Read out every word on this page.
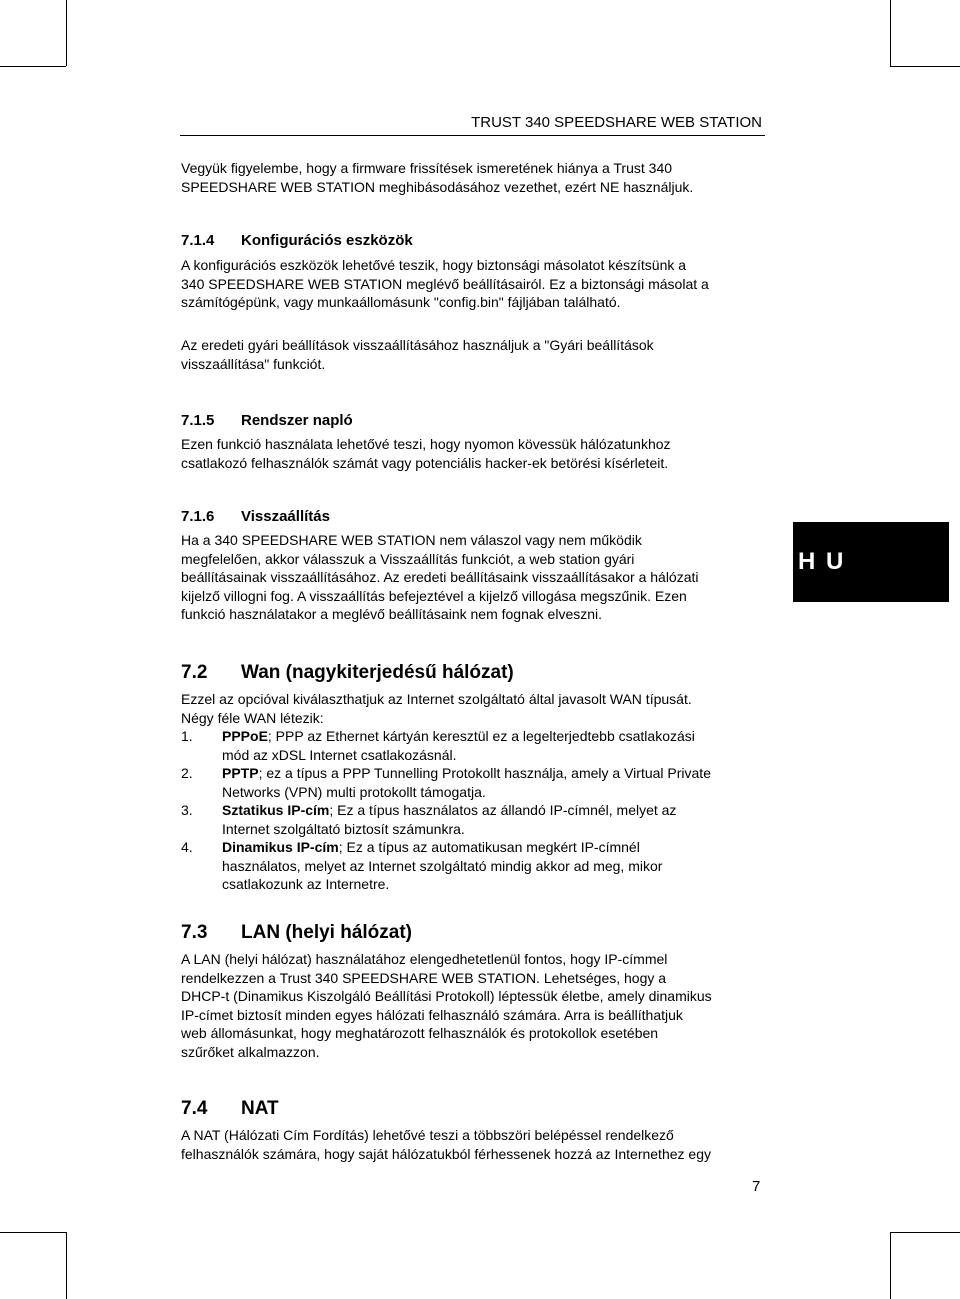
TRUST 340 SPEEDSHARE WEB STATION
Vegyük figyelembe, hogy a firmware frissítések ismeretének hiánya a Trust 340
SPEEDSHARE WEB STATION meghibásodásához vezethet, ezért NE használjuk.
7.1.4 Konfigurációs eszközök
A konfigurációs eszközök lehetővé teszik, hogy biztonsági másolatot készítsünk a
340 SPEEDSHARE WEB STATION meglévő beállításairól. Ez a biztonsági másolat a
számítógépünk, vagy munkaállomásunk "config.bin" fájljában található.
Az eredeti gyári beállítások visszaállításához használjuk a "Gyári beállítások
visszaállítása" funkciót.
7.1.5 Rendszer napló
Ezen funkció használata lehetővé teszi, hogy nyomon kövessük hálózatunkhoz
csatlakozó felhasználók számát vagy potenciális hacker-ek betörési kísérleteit.
7.1.6 Visszaállítás
Ha a 340 SPEEDSHARE WEB STATION nem válaszol vagy nem működik
megfelelően, akkor válasszuk a Visszaállítás funkciót, a web station gyári
beállításainak visszaállításához. Az eredeti beállításaink visszaállításakor a hálózati
kijelző villogni fog. A visszaállítás befejeztével a kijelző villogása megszűnik. Ezen
funkció használatakor a meglévő beállításaink nem fognak elveszni.
H U
7.2 Wan (nagykiterjedésű hálózat)
Ezzel az opcióval kiválaszthatjuk az Internet szolgáltató által javasolt WAN típusát.
Négy féle WAN létezik:
1.	PPPoE; PPP az Ethernet kártyán keresztül ez a legelterjedtebb csatlakozási
mód az xDSL Internet csatlakozásnál.
2.	PPTP; ez a típus a PPP Tunnelling Protokollt használja, amely a Virtual Private
Networks (VPN) multi protokollt támogatja.
3.	Sztatikus IP-cím; Ez a típus használatos az állandó IP-címnél, melyet az
Internet szolgáltató biztosít számunkra.
4.	Dinamikus IP-cím; Ez a típus az automatikusan megkért IP-címnél
használatos, melyet az Internet szolgáltató mindig akkor ad meg, mikor
csatlakozunk az Internetre.
7.3 LAN (helyi hálózat)
A LAN (helyi hálózat) használatához elengedhetetlenül fontos, hogy IP-címmel
rendelkezzen a Trust 340 SPEEDSHARE WEB STATION. Lehetséges, hogy a
DHCP-t (Dinamikus Kiszolgáló Beállítási Protokoll) léptessük életbe, amely dinamikus
IP-címet biztosít minden egyes hálózati felhasználó számára. Arra is beállíthatjuk
web állomásunkat, hogy meghatározott felhasználók és protokollok esetében
szűrőket alkalmazzon.
7.4 NAT
A NAT (Hálózati Cím Fordítás) lehetővé teszi a többszöri belépéssel rendelkező
felhasználók számára, hogy saját hálózatukból férhessenek hozzá az Internethez egy
7
